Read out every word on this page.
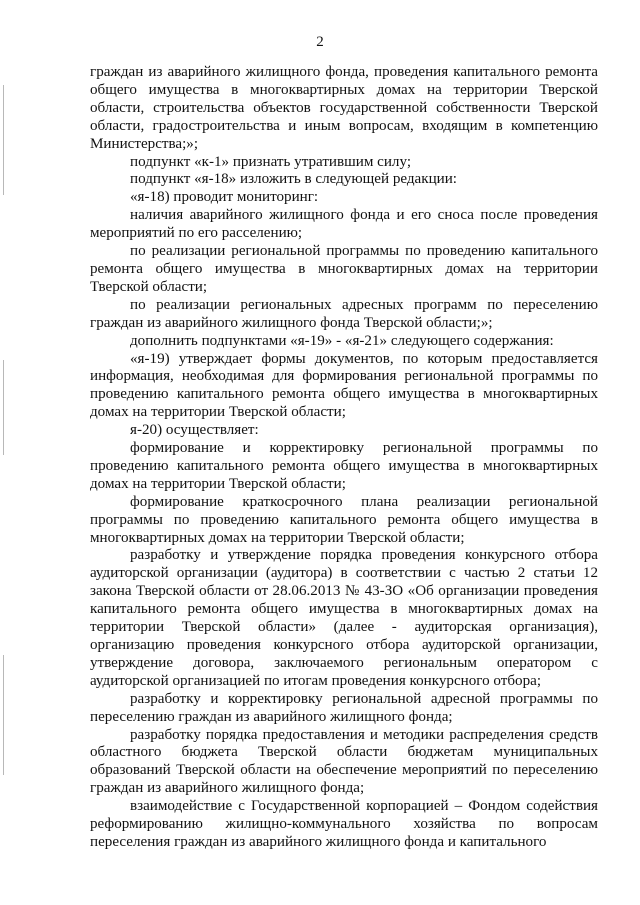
2

граждан из аварийного жилищного фонда, проведения капитального ремонта общего имущества в многоквартирных домах на территории Тверской области, строительства объектов государственной собственности Тверской области, градостроительства и иным вопросам, входящим в компетенцию Министерства;»;

подпункт «к-1» признать утратившим силу;

подпункт «я-18» изложить в следующей редакции:

«я-18) проводит мониторинг:

наличия аварийного жилищного фонда и его сноса после проведения мероприятий по его расселению;

по реализации региональной программы по проведению капитального ремонта общего имущества в многоквартирных домах на территории Тверской области;

по реализации региональных адресных программ по переселению граждан из аварийного жилищного фонда Тверской области;»;

дополнить подпунктами «я-19» - «я-21» следующего содержания:

«я-19) утверждает формы документов, по которым предоставляется информация, необходимая для формирования региональной программы по проведению капитального ремонта общего имущества в многоквартирных домах на территории Тверской области;

я-20) осуществляет:

формирование и корректировку региональной программы по проведению капитального ремонта общего имущества в многоквартирных домах на территории Тверской области;

формирование краткосрочного плана реализации региональной программы по проведению капитального ремонта общего имущества в многоквартирных домах на территории Тверской области;

разработку и утверждение порядка проведения конкурсного отбора аудиторской организации (аудитора) в соответствии с частью 2 статьи 12 закона Тверской области от 28.06.2013 № 43-ЗО «Об организации проведения капитального ремонта общего имущества в многоквартирных домах на территории Тверской области» (далее - аудиторская организация), организацию проведения конкурсного отбора аудиторской организации, утверждение договора, заключаемого региональным оператором с аудиторской организацией по итогам проведения конкурсного отбора;

разработку и корректировку региональной адресной программы по переселению граждан из аварийного жилищного фонда;

разработку порядка предоставления и методики распределения средств областного бюджета Тверской области бюджетам муниципальных образований Тверской области на обеспечение мероприятий по переселению граждан из аварийного жилищного фонда;

взаимодействие с Государственной корпорацией – Фондом содействия реформированию жилищно-коммунального хозяйства по вопросам переселения граждан из аварийного жилищного фонда и капитального
